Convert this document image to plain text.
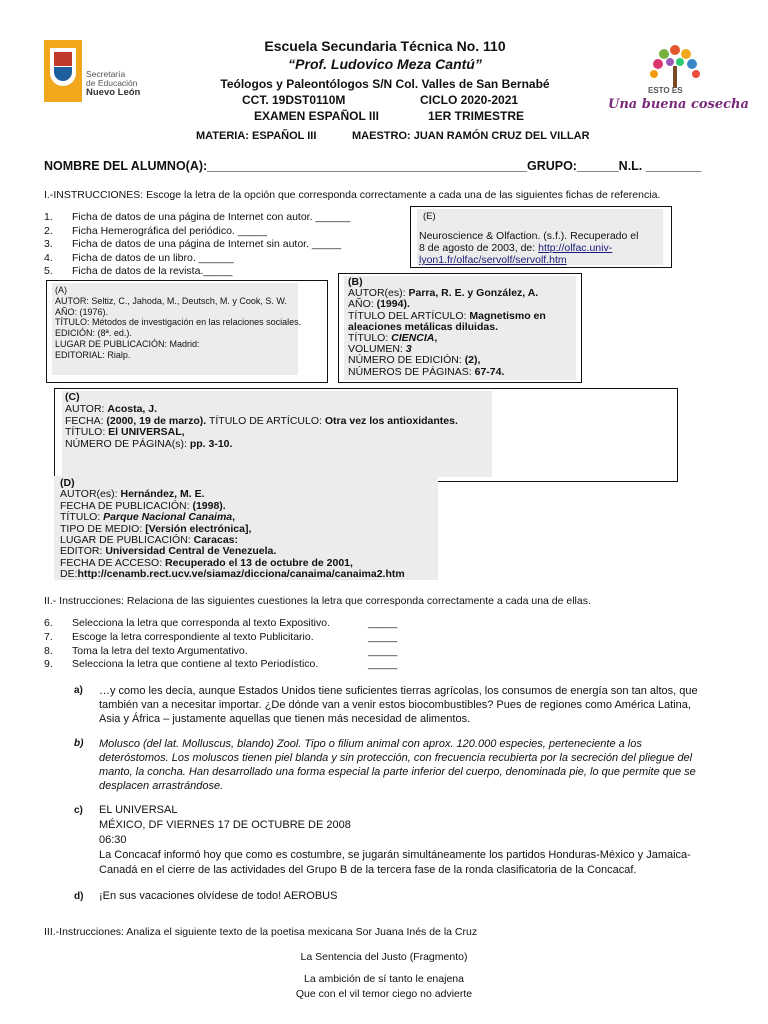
Secretaría
de Educación
Nuevo León	ESTO ES
Una buena cosecha
Escuela Secundaria Técnica No. 110
“Prof. Ludovico Meza Cantú”
Teólogos y Paleontólogos S/N Col. Valles de San Bernabé
CCT. 19DST0110M	CICLO 2020-2021
EXAMEN ESPAÑOL III	1ER TRIMESTRE
MATERIA: ESPAÑOL III	MAESTRO: JUAN RAMÓN CRUZ DEL VILLAR
NOMBRE DEL ALUMNO(A):______________________________________________GRUPO:______N.L. ________
I.-INSTRUCCIONES: Escoge la letra de la opción que corresponda correctamente a cada una de las siguientes fichas de referencia.
1. Ficha de datos de una página de Internet con autor. ______
2. Ficha Hemerográfica del periódico. _____
3. Ficha de datos de una página de Internet sin autor. _____
4. Ficha de datos de un libro. ______
5. Ficha de datos de la revista._____
(E)
Neuroscience & Olfaction. (s.f.). Recuperado el
8 de agosto de 2003, de: http://olfac.univ-
lyon1.fr/olfac/servolf/servolf.htm
(A)
AUTOR: Seltiz, C., Jahoda, M., Deutsch, M. y Cook, S. W.
AÑO: (1976).
TÍTULO: Métodos de investigación en las relaciones sociales.
EDICIÓN: (8ª. ed.).
LUGAR DE PUBLICACIÓN: Madrid:
EDITORIAL: Rialp.
(B)
AUTOR(es): Parra, R. E. y González, A.
AÑO: (1994).
TÍTULO DEL ARTÍCULO: Magnetismo en
aleaciones metálicas diluidas.
TÍTULO: CIENCIA,
VOLUMEN: 3
NÚMERO DE EDICIÓN: (2),
NÚMEROS DE PÁGINAS: 67-74.
(C)
AUTOR: Acosta, J.
FECHA: (2000, 19 de marzo). TÍTULO DE ARTÍCULO: Otra vez los antioxidantes.
TÍTULO: El UNIVERSAL,
NÚMERO DE PÁGINA(s): pp. 3-10.
(D)
AUTOR(es): Hernández, M. E.
FECHA DE PUBLICACIÓN: (1998).
TÍTULO: Parque Nacional Canaima,
TIPO DE MEDIO: [Versión electrónica],
LUGAR DE PUBLICACIÓN: Caracas:
EDITOR: Universidad Central de Venezuela.
FECHA DE ACCESO: Recuperado el 13 de octubre de 2001,
DE:http://cenamb.rect.ucv.ve/siamaz/dicciona/canaima/canaima2.htm
II.- Instrucciones: Relaciona de las siguientes cuestiones la letra que corresponda correctamente a cada una de ellas.
6. Selecciona la letra que corresponda al texto Expositivo.	_____
7. Escoge la letra correspondiente al texto Publicitario.	_____
8. Toma la letra del texto Argumentativo.	_____
9. Selecciona la letra que contiene al texto Periodístico.	_____
a) …y como les decía, aunque Estados Unidos tiene suficientes tierras agrícolas, los consumos de energía son tan altos, que
también van a necesitar importar. ¿De dónde van a venir estos biocombustibles? Pues de regiones como América Latina,
Asia y África – justamente aquellas que tienen más necesidad de alimentos.
b) Molusco (del lat. Molluscus, blando) Zool. Tipo o filium animal con aprox. 120.000 especies, perteneciente a los
deteróstomos. Los moluscos tienen piel blanda y sin protección, con frecuencia recubierta por la secreción del pliegue del
manto, la concha. Han desarrollado una forma especial la parte inferior del cuerpo, denominada pie, lo que permite que se
desplacen arrastrándose.
c) EL UNIVERSAL
MÉXICO, DF VIERNES 17 DE OCTUBRE DE 2008
06:30
La Concacaf informó hoy que como es costumbre, se jugarán simultáneamente los partidos Honduras-México y Jamaica-
Canadá en el cierre de las actividades del Grupo B de la tercera fase de la ronda clasificatoria de la Concacaf.
d) ¡En sus vacaciones olvídese de todo! AEROBUS
III.-Instrucciones: Analiza el siguiente texto de la poetisa mexicana Sor Juana Inés de la Cruz
La Sentencia del Justo (Fragmento)
La ambición de sí tanto le enajena
Que con el vil temor ciego no advierte
